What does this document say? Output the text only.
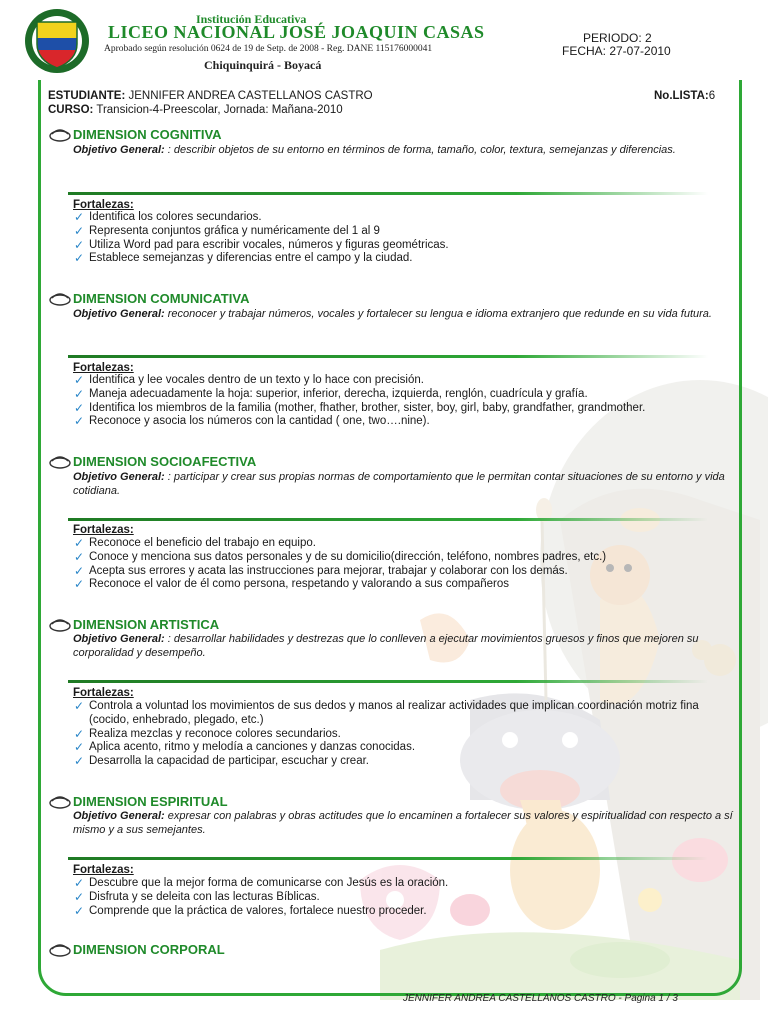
Institución Educativa
LICEO NACIONAL JOSÉ JOAQUIN CASAS
Aprobado según resolución 0624 de 19 de Setp. de 2008 - Reg. DANE 115176000041
Chiquinquirá - Boyacá
PERIODO: 2
FECHA: 27-07-2010
ESTUDIANTE: JENNIFER ANDREA CASTELLANOS CASTRO	No.LISTA:6
CURSO: Transicion-4-Preescolar, Jornada: Mañana-2010
DIMENSION COGNITIVA
Objetivo General: : describir objetos de su entorno en términos de forma, tamaño, color, textura, semejanzas y diferencias.
Fortalezas:
✓ Identifica los colores secundarios.
✓ Representa conjuntos gráfica y numéricamente del 1 al 9
✓ Utiliza Word pad para escribir vocales, números y figuras geométricas.
✓ Establece semejanzas y diferencias entre el campo y la ciudad.
DIMENSION COMUNICATIVA
Objetivo General: reconocer y trabajar números, vocales y fortalecer su lengua e idioma extranjero que redunde en su vida futura.
Fortalezas:
✓ Identifica y lee vocales dentro de un texto y lo hace con precisión.
✓ Maneja adecuadamente la hoja: superior, inferior, derecha, izquierda, renglón, cuadrícula y grafía.
✓ Identifica los miembros de la familia (mother, fhather, brother, sister, boy, girl, baby, grandfather, grandmother.
✓ Reconoce y asocia los números con la cantidad ( one, two….nine).
DIMENSION SOCIOAFECTIVA
Objetivo General: : participar y crear sus propias normas de comportamiento que le permitan contar situaciones de su entorno y vida cotidiana.
Fortalezas:
✓ Reconoce el beneficio del trabajo en equipo.
✓ Conoce y menciona sus datos personales y de su domicilio(dirección, teléfono, nombres padres, etc.)
✓ Acepta sus errores y acata las instrucciones para mejorar, trabajar y colaborar con los demás.
✓ Reconoce el valor de él como persona, respetando y valorando a sus compañeros
DIMENSION ARTISTICA
Objetivo General: : desarrollar habilidades y destrezas que lo conlleven a ejecutar movimientos gruesos y finos que mejoren su corporalidad y desempeño.
Fortalezas:
✓ Controla a voluntad los movimientos de sus dedos y manos al realizar actividades que implican coordinación motriz fina (cocido, enhebrado, plegado, etc.)
✓ Realiza mezclas y reconoce colores secundarios.
✓ Aplica acento, ritmo y melodía a canciones y danzas conocidas.
✓ Desarrolla la capacidad de participar, escuchar y crear.
DIMENSION ESPIRITUAL
Objetivo General: expresar con palabras y obras actitudes que lo encaminen a fortalecer sus valores y espiritualidad con respecto a sí mismo y a sus semejantes.
Fortalezas:
✓ Descubre que la mejor forma de comunicarse con Jesús es la oración.
✓ Disfruta y se deleita con las lecturas Bíblicas.
✓ Comprende que la práctica de valores, fortalece nuestro proceder.
DIMENSION CORPORAL
JENNIFER ANDREA CASTELLANOS CASTRO - Pagina 1 / 3
